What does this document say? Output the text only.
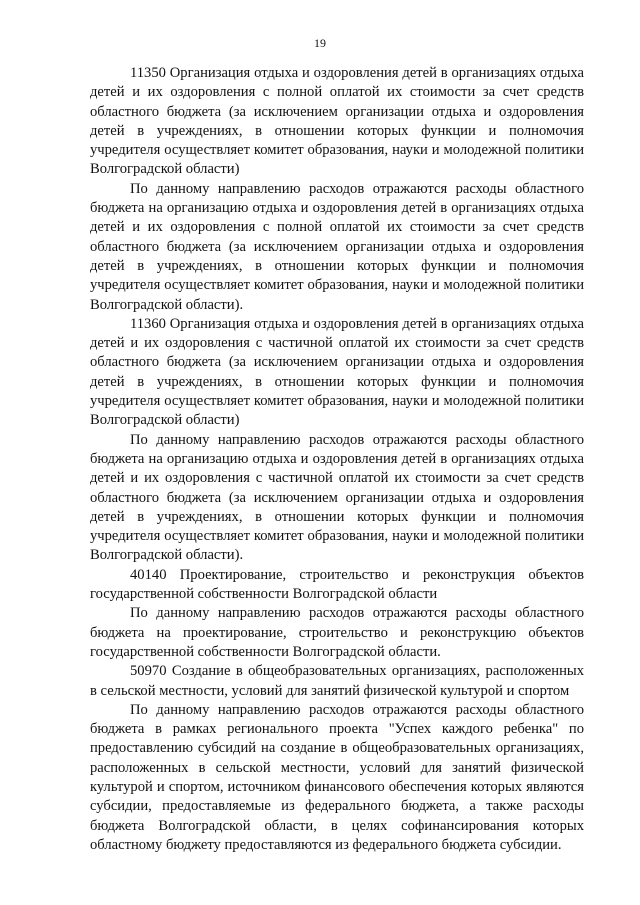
19

11350 Организация отдыха и оздоровления детей в организациях отдыха детей и их оздоровления с полной оплатой их стоимости за счет средств областного бюджета (за исключением организации отдыха и оздоровления детей в учреждениях, в отношении которых функции и полномочия учредителя осуществляет комитет образования, науки и молодежной политики Волгоградской области)

По данному направлению расходов отражаются расходы областного бюджета на организацию отдыха и оздоровления детей в организациях отдыха детей и их оздоровления с полной оплатой их стоимости за счет средств областного бюджета (за исключением организации отдыха и оздоровления детей в учреждениях, в отношении которых функции и полномочия учредителя осуществляет комитет образования, науки и молодежной политики Волгоградской области).

11360 Организация отдыха и оздоровления детей в организациях отдыха детей и их оздоровления с частичной оплатой их стоимости за счет средств областного бюджета (за исключением организации отдыха и оздоровления детей в учреждениях, в отношении которых функции и полномочия учредителя осуществляет комитет образования, науки и молодежной политики Волгоградской области)

По данному направлению расходов отражаются расходы областного бюджета на организацию отдыха и оздоровления детей в организациях отдыха детей и их оздоровления с частичной оплатой их стоимости за счет средств областного бюджета (за исключением организации отдыха и оздоровления детей в учреждениях, в отношении которых функции и полномочия учредителя осуществляет комитет образования, науки и молодежной политики Волгоградской области).

40140 Проектирование, строительство и реконструкция объектов государственной собственности Волгоградской области

По данному направлению расходов отражаются расходы областного бюджета на проектирование, строительство и реконструкцию объектов государственной собственности Волгоградской области.

50970 Создание в общеобразовательных организациях, расположенных в сельской местности, условий для занятий физической культурой и спортом

По данному направлению расходов отражаются расходы областного бюджета в рамках регионального проекта "Успех каждого ребенка" по предоставлению субсидий на создание в общеобразовательных организациях, расположенных в сельской местности, условий для занятий физической культурой и спортом, источником финансового обеспечения которых являются субсидии, предоставляемые из федерального бюджета, а также расходы бюджета Волгоградской области, в целях софинансирования которых областному бюджету предоставляются из федерального бюджета субсидии.
